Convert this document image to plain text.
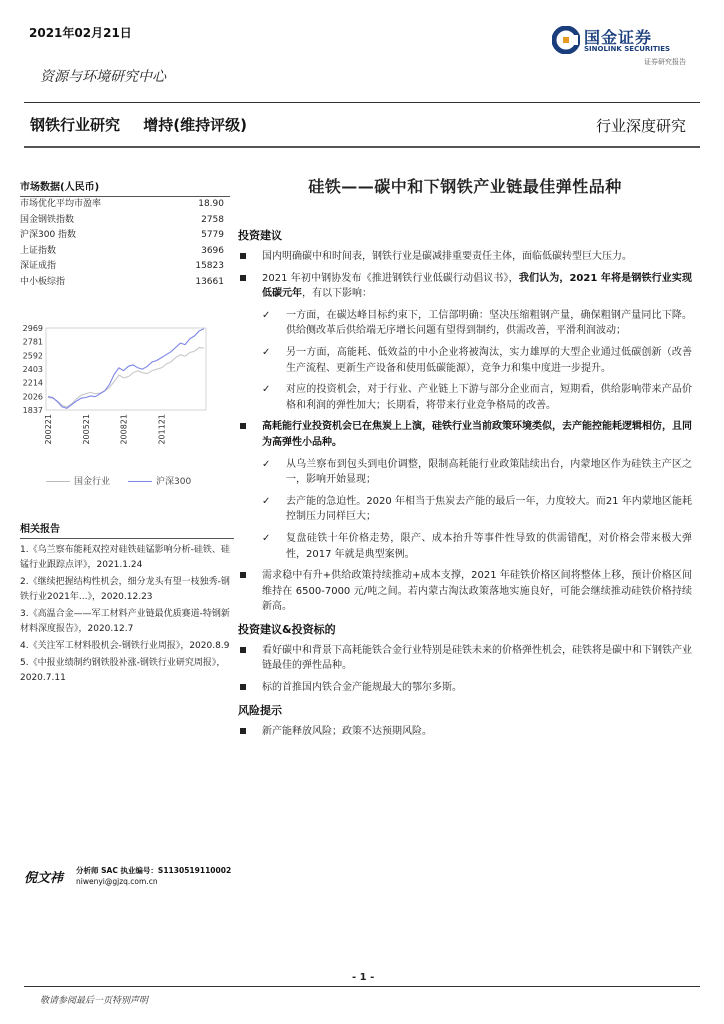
2021年02月21日	国金证券
SINOLINK SECURITIES
证券研究报告
资源与环境研究中心
钢铁行业研究 增持(维持评级)	行业深度研究
市场数据(人民币)
市场优化平均市盈率	18.90
国金钢铁指数	2758
沪深300 指数	5779
上证指数	3696
深证成指	15823
中小板综指	13661
2969
2781
2592
2403
2214
2026
1837
200221	200521	200821	201121
国金行业	沪深300
相关报告
1.《乌兰察布能耗双控对硅铁硅锰影响分析-硅铁、硅锰行业跟踪点评》，2021.1.24
2.《继续把握结构性机会，细分龙头有望一枝独秀-钢铁行业2021年...》，2020.12.23
3.《高温合金——军工材料产业链最优质赛道-特钢新材料深度报告》，2020.12.7
4.《关注军工材料股机会-钢铁行业周报》，2020.8.9
5.《中报业绩制约钢铁股补涨-钢铁行业研究周报》，2020.7.11
倪文祎
分析师 SAC 执业编号：S1130519110002
niwenyi@gjzq.com.cn
硅铁——碳中和下钢铁产业链最佳弹性品种
投资建议
国内明确碳中和时间表，钢铁行业是碳减排重要责任主体，面临低碳转型巨大压力。
2021 年初中钢协发布《推进钢铁行业低碳行动倡议书》，我们认为，2021 年将是钢铁行业实现低碳元年，有以下影响：
✓ 一方面，在碳达峰目标约束下，工信部明确：坚决压缩粗钢产量，确保粗钢产量同比下降。供给侧改革后供给端无序增长问题有望得到制约，供需改善，平滑利润波动；
✓ 另一方面，高能耗、低效益的中小企业将被淘汰，实力雄厚的大型企业通过低碳创新（改善生产流程、更新生产设备和使用低碳能源），竞争力和集中度进一步提升。
✓ 对应的投资机会，对于行业、产业链上下游与部分企业而言，短期看，供给影响带来产品价格和利润的弹性加大；长期看，将带来行业竞争格局的改善。
高耗能行业投资机会已在焦炭上上演，硅铁行业当前政策环境类似，去产能控能耗逻辑相仿，且同为高弹性小品种。
✓ 从乌兰察布到包头到电价调整，限制高耗能行业政策陆续出台，内蒙地区作为硅铁主产区之一，影响开始显现；
✓ 去产能的急迫性。2020 年相当于焦炭去产能的最后一年，力度较大。而21 年内蒙地区能耗控制压力同样巨大；
✓ 复盘硅铁十年价格走势，限产、成本抬升等事件性导致的供需错配，对价格会带来极大弹性，2017 年就是典型案例。
需求稳中有升+供给政策持续推动+成本支撑，2021 年硅铁价格区间将整体上移，预计价格区间维持在 6500-7000 元/吨之间。若内蒙古淘汰政策落地实施良好，可能会继续推动硅铁价格持续新高。
投资建议&投资标的
看好碳中和背景下高耗能铁合金行业特别是硅铁未来的价格弹性机会，硅铁将是碳中和下钢铁产业链最佳的弹性品种。
标的首推国内铁合金产能规最大的鄂尔多斯。
风险提示
新产能释放风险；政策不达预期风险。
- 1 -
敬请参阅最后一页特别声明
